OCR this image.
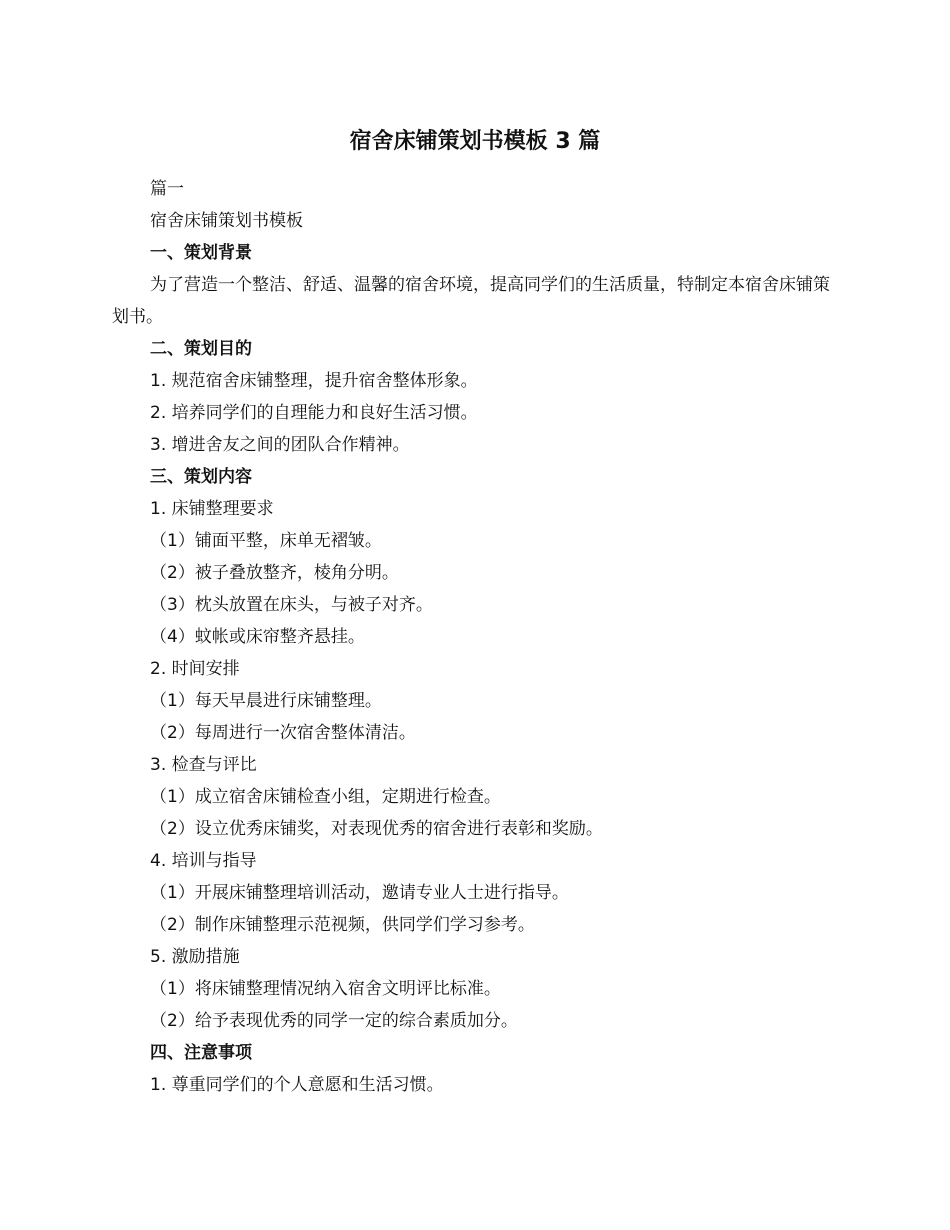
宿舍床铺策划书模板 3 篇

篇一

宿舍床铺策划书模板

一、策划背景

为了营造一个整洁、舒适、温馨的宿舍环境，提高同学们的生活质量，特制定本宿舍床铺策划书。

二、策划目的

1. 规范宿舍床铺整理，提升宿舍整体形象。

2. 培养同学们的自理能力和良好生活习惯。

3. 增进舍友之间的团队合作精神。

三、策划内容

1. 床铺整理要求

（1）铺面平整，床单无褶皱。

（2）被子叠放整齐，棱角分明。

（3）枕头放置在床头，与被子对齐。

（4）蚊帐或床帘整齐悬挂。

2. 时间安排

（1）每天早晨进行床铺整理。

（2）每周进行一次宿舍整体清洁。

3. 检查与评比

（1）成立宿舍床铺检查小组，定期进行检查。

（2）设立优秀床铺奖，对表现优秀的宿舍进行表彰和奖励。

4. 培训与指导

（1）开展床铺整理培训活动，邀请专业人士进行指导。

（2）制作床铺整理示范视频，供同学们学习参考。

5. 激励措施

（1）将床铺整理情况纳入宿舍文明评比标准。

（2）给予表现优秀的同学一定的综合素质加分。

四、注意事项

1. 尊重同学们的个人意愿和生活习惯。
